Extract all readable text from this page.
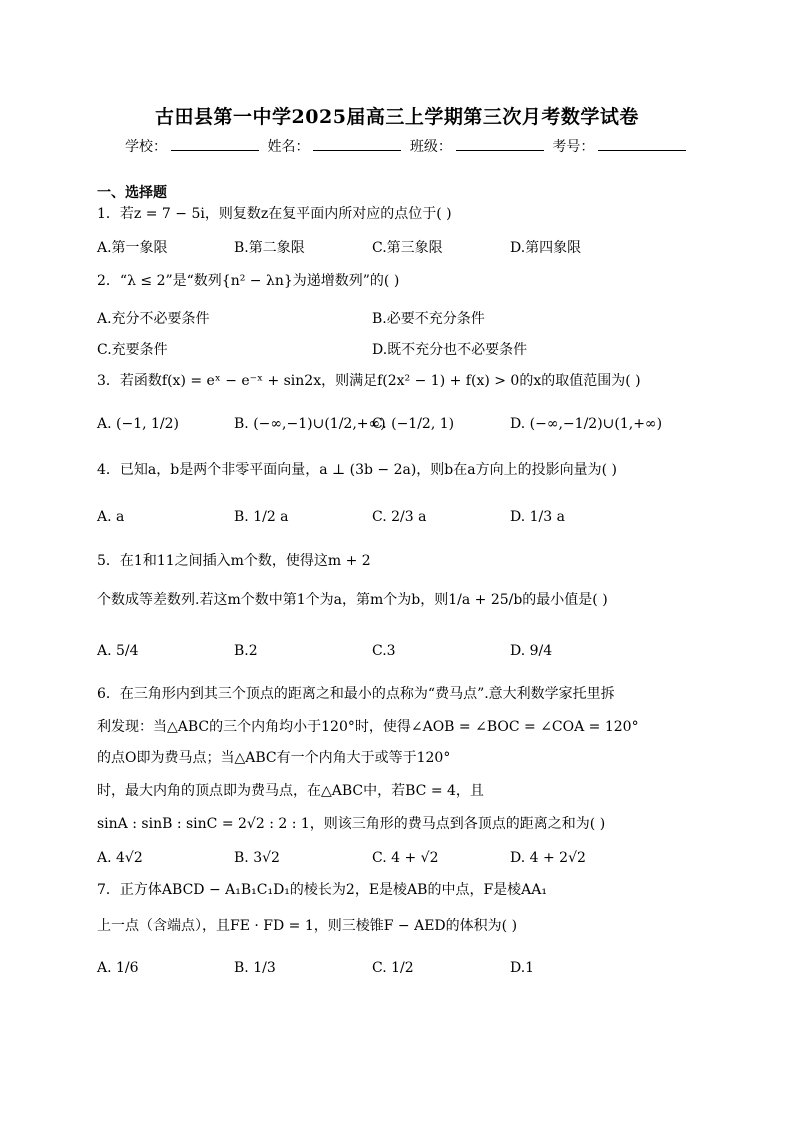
古田县第一中学2025届高三上学期第三次月考数学试卷
学校：	姓名：	班级：	考号：
一、选择题
1．若z = 7 − 5i，则复数z在复平面内所对应的点位于( )
A.第一象限	B.第二象限	C.第三象限	D.第四象限
2．“λ ≤ 2”是“数列{n² − λn}为递增数列”的( )
A.充分不必要条件	B.必要不充分条件
C.充要条件	D.既不充分也不必要条件
3．若函数f(x) = eˣ − e⁻ˣ + sin2x，则满足f(2x² − 1) + f(x) > 0的x的取值范围为( )
A. (−1, 1/2)	B. (−∞,−1)∪(1/2,+∞)
C. (−1/2, 1)	D. (−∞,−1/2)∪(1,+∞)
4．已知a，b是两个非零平面向量，a ⊥ (3b − 2a)，则b在a方向上的投影向量为( )
A. a	B. 1/2 a	C. 2/3 a	D. 1/3 a
5．在1和11之间插入m个数，使得这m + 2
个数成等差数列.若这m个数中第1个为a，第m个为b，则1/a + 25/b的最小值是( )
A. 5/4	B.2	C.3	D. 9/4
6．在三角形内到其三个顶点的距离之和最小的点称为“费马点”.意大利数学家托里拆
利发现：当△ABC的三个内角均小于120°时，使得∠AOB = ∠BOC = ∠COA = 120°
的点O即为费马点；当△ABC有一个内角大于或等于120°
时，最大内角的顶点即为费马点，在△ABC中，若BC = 4，且
sinA : sinB : sinC = 2√2 : 2 : 1，则该三角形的费马点到各顶点的距离之和为( )
A. 4√2	B. 3√2	C. 4 + √2	D. 4 + 2√2
7．正方体ABCD − A₁B₁C₁D₁的棱长为2，E是棱AB的中点，F是棱AA₁
上一点（含端点），且FE · FD = 1，则三棱锥F − AED的体积为( )
A. 1/6	B. 1/3	C. 1/2	D.1
